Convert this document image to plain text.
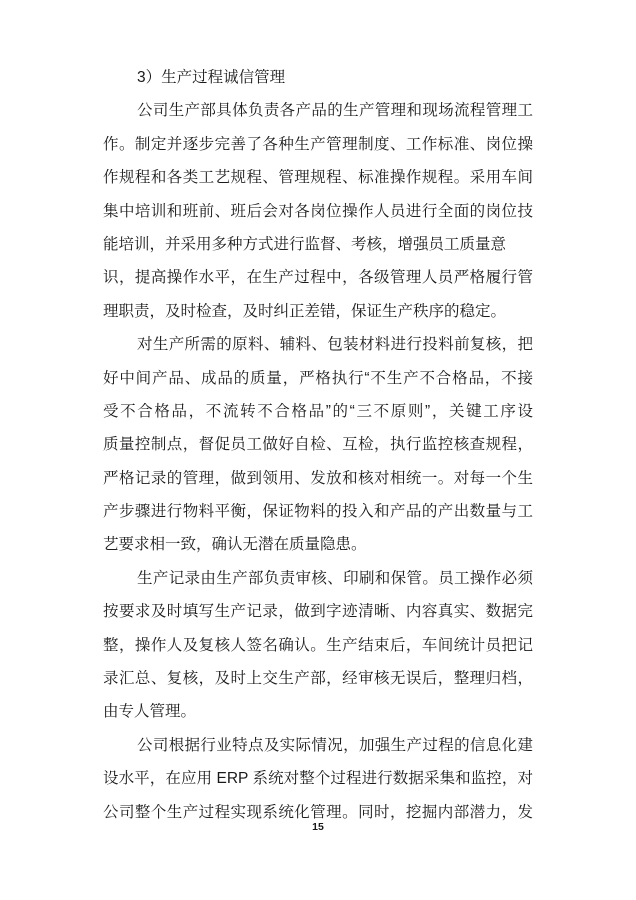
3）生产过程诚信管理
公司生产部具体负责各产品的生产管理和现场流程管理工
作。制定并逐步完善了各种生产管理制度、工作标准、岗位操
作规程和各类工艺规程、管理规程、标准操作规程。采用车间
集中培训和班前、班后会对各岗位操作人员进行全面的岗位技
能培训，并采用多种方式进行监督、考核，增强员工质量意
识，提高操作水平，在生产过程中，各级管理人员严格履行管
理职责，及时检查，及时纠正差错，保证生产秩序的稳定。
对生产所需的原料、辅料、包装材料进行投料前复核，把
好中间产品、成品的质量，严格执行“不生产不合格品，不接
受不合格品，不流转不合格品”的“三不原则”，关键工序设
质量控制点，督促员工做好自检、互检，执行监控核查规程，
严格记录的管理，做到领用、发放和核对相统一。对每一个生
产步骤进行物料平衡，保证物料的投入和产品的产出数量与工
艺要求相一致，确认无潜在质量隐患。
生产记录由生产部负责审核、印刷和保管。员工操作必须
按要求及时填写生产记录，做到字迹清晰、内容真实、数据完
整，操作人及复核人签名确认。生产结束后，车间统计员把记
录汇总、复核，及时上交生产部，经审核无误后，整理归档，
由专人管理。
公司根据行业特点及实际情况，加强生产过程的信息化建
设水平，在应用 ERP 系统对整个过程进行数据采集和监控，对
公司整个生产过程实现系统化管理。同时，挖掘内部潜力，发
15
